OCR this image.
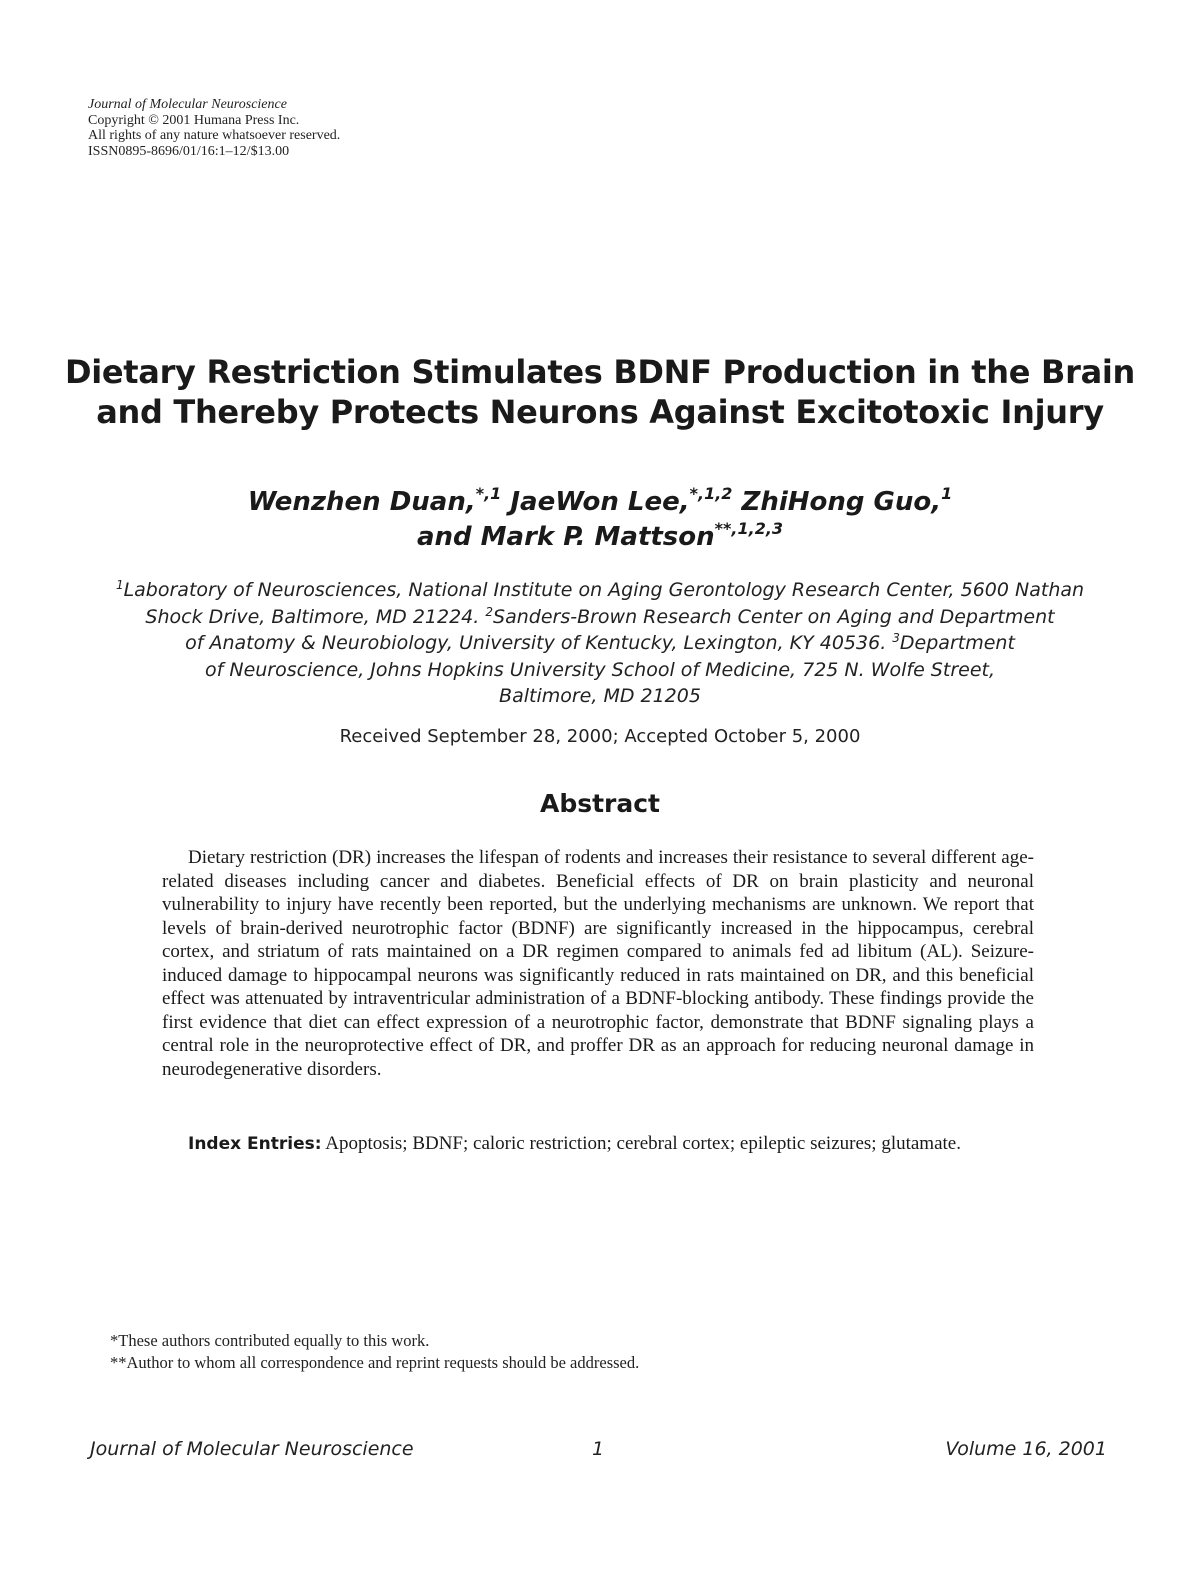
Journal of Molecular Neuroscience
Copyright © 2001 Humana Press Inc.
All rights of any nature whatsoever reserved.
ISSN0895-8696/01/16:1–12/$13.00
Dietary Restriction Stimulates BDNF Production in the Brain
and Thereby Protects Neurons Against Excitotoxic Injury
Wenzhen Duan,$^{*,1}$ JaeWon Lee,$^{*,1,2}$ ZhiHong Guo,$^1$
and Mark P. Mattson$^{**,1,2,3}$
$^1$Laboratory of Neurosciences, National Institute on Aging Gerontology Research Center, 5600 Nathan
Shock Drive, Baltimore, MD 21224. $^2$Sanders-Brown Research Center on Aging and Department
of Anatomy & Neurobiology, University of Kentucky, Lexington, KY 40536. $^3$Department
of Neuroscience, Johns Hopkins University School of Medicine, 725 N. Wolfe Street,
Baltimore, MD 21205
Received September 28, 2000; Accepted October 5, 2000
Abstract

Dietary restriction (DR) increases the lifespan of rodents and increases their resistance to several different age-related diseases including cancer and diabetes. Beneficial effects of DR on brain plasticity and neuronal vulnerability to injury have recently been reported, but the underlying mechanisms are unknown. We report that levels of brain-derived neurotrophic factor (BDNF) are significantly increased in the hippocampus, cerebral cortex, and striatum of rats maintained on a DR regimen compared to animals fed ad libitum (AL). Seizure-induced damage to hippocampal neurons was significantly reduced in rats maintained on DR, and this beneficial effect was attenuated by intraventricular administration of a BDNF-blocking antibody. These findings provide the first evidence that diet can effect expression of a neurotrophic factor, demonstrate that BDNF signaling plays a central role in the neuroprotective effect of DR, and proffer DR as an approach for reducing neuronal damage in neurodegenerative disorders.

Index Entries: Apoptosis; BDNF; caloric restriction; cerebral cortex; epileptic seizures; glutamate.

*These authors contributed equally to this work.

**Author to whom all correspondence and reprint requests should be addressed.

Journal of Molecular Neuroscience	1	Volume 16, 2001
